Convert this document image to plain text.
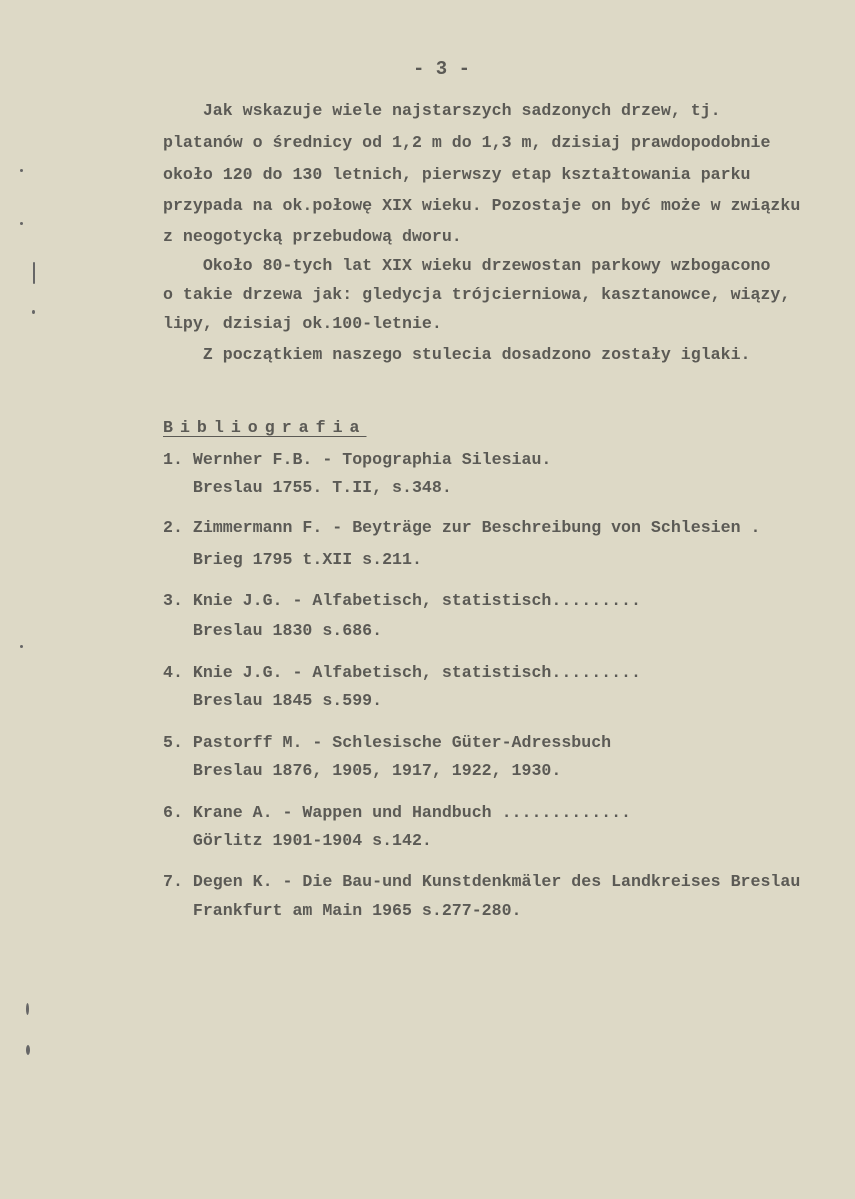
- 3 -
Jak wskazuje wiele najstarszych sadzonych drzew, tj.
platanów o średnicy od 1,2 m do 1,3 m, dzisiaj prawdopodobnie
około 120 do 130 letnich, pierwszy etap kształtowania parku
przypada na ok.połowę XIX wieku. Pozostaje on być może w związku
z neogotycką przebudową dworu.
Około 80-tych lat XIX wieku drzewostan parkowy wzbogacono
o takie drzewa jak: gledycja trójcierniowa, kasztanowce, wiązy,
lipy, dzisiaj ok.100-letnie.
Z początkiem naszego stulecia dosadzono zostały iglaki.
Bibliografia
1. Wernher F.B. - Topographia Silesiau.
Breslau 1755. T.II, s.348.
2. Zimmermann F. - Beyträge zur Beschreibung von Schlesien .
Brieg 1795 t.XII s.211.
3. Knie J.G. - Alfabetisch, statistisch.........
Breslau 1830 s.686.
4. Knie J.G. - Alfabetisch, statistisch.........
Breslau 1845 s.599.
5. Pastorff M. - Schlesische Güter-Adressbuch
Breslau 1876, 1905, 1917, 1922, 1930.
6. Krane A. - Wappen und Handbuch .............
Görlitz 1901-1904 s.142.
7. Degen K. - Die Bau-und Kunstdenkmäler des Landkreises Breslau
Frankfurt am Main 1965 s.277-280.
